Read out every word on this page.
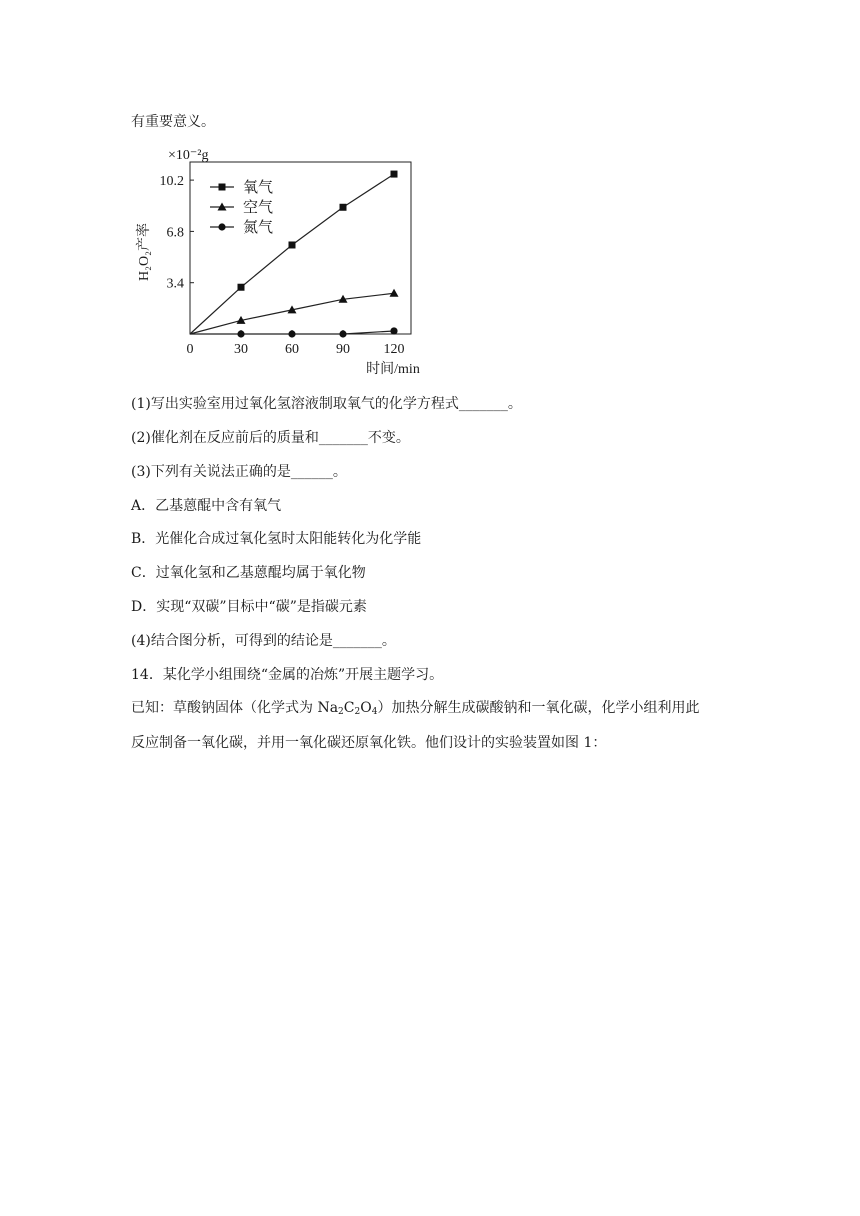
有重要意义。
3.4
6.8
10.2
0	30	60	90 120
×10⁻²g
H₂O₂产率
时间/min
氧气
空气
氮气
(1)写出实验室用过氧化氢溶液制取氧气的化学方程式_______。
(2)催化剂在反应前后的质量和_______不变。
(3)下列有关说法正确的是______。
A．乙基蒽醌中含有氧气
B．光催化合成过氧化氢时太阳能转化为化学能
C．过氧化氢和乙基蒽醌均属于氧化物
D．实现“双碳”目标中“碳”是指碳元素
(4)结合图分析，可得到的结论是_______。
14．某化学小组围绕“金属的冶炼”开展主题学习。
已知：草酸钠固体（化学式为 $Na_2C_2O_4$）加热分解生成碳酸钠和一氧化碳，化学小组利用此
反应制备一氧化碳，并用一氧化碳还原氧化铁。他们设计的实验装置如图 1：
